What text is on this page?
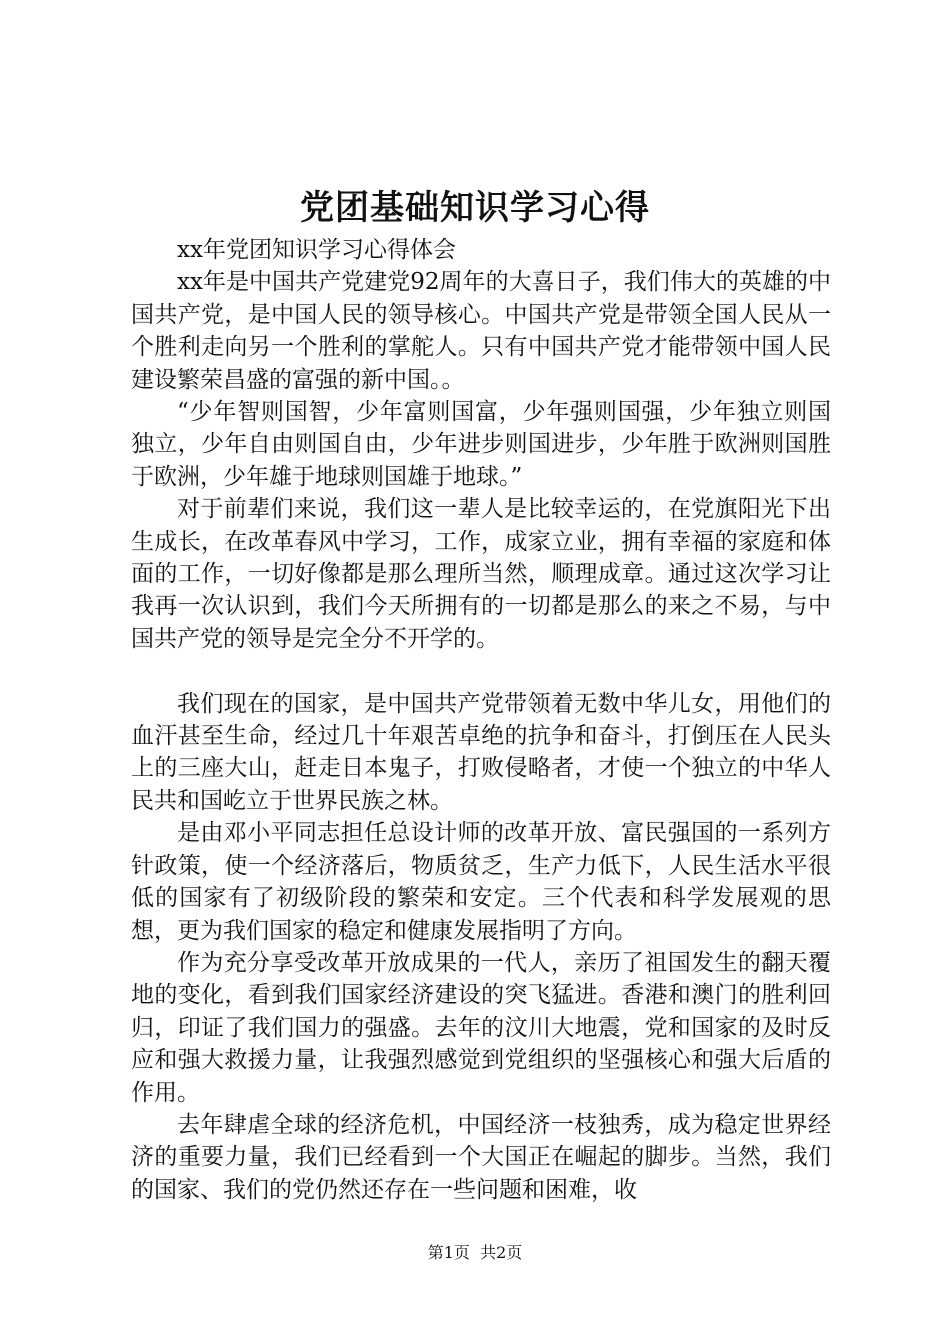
党团基础知识学习心得

xx年党团知识学习心得体会

xx年是中国共产党建党92周年的大喜日子，我们伟大的英雄的中国共产党，是中国人民的领导核心。中国共产党是带领全国人民从一个胜利走向另一个胜利的掌舵人。只有中国共产党才能带领中国人民建设繁荣昌盛的富强的新中国。。

“少年智则国智，少年富则国富，少年强则国强，少年独立则国独立，少年自由则国自由，少年进步则国进步，少年胜于欧洲则国胜于欧洲，少年雄于地球则国雄于地球。”

对于前辈们来说，我们这一辈人是比较幸运的，在党旗阳光下出生成长，在改革春风中学习，工作，成家立业，拥有幸福的家庭和体面的工作，一切好像都是那么理所当然，顺理成章。通过这次学习让我再一次认识到，我们今天所拥有的一切都是那么的来之不易，与中国共产党的领导是完全分不开学的。

我们现在的国家，是中国共产党带领着无数中华儿女，用他们的血汗甚至生命，经过几十年艰苦卓绝的抗争和奋斗，打倒压在人民头上的三座大山，赶走日本鬼子，打败侵略者，才使一个独立的中华人民共和国屹立于世界民族之林。

是由邓小平同志担任总设计师的改革开放、富民强国的一系列方针政策，使一个经济落后，物质贫乏，生产力低下，人民生活水平很低的国家有了初级阶段的繁荣和安定。三个代表和科学发展观的思想，更为我们国家的稳定和健康发展指明了方向。

作为充分享受改革开放成果的一代人，亲历了祖国发生的翻天覆地的变化，看到我们国家经济建设的突飞猛进。香港和澳门的胜利回归，印证了我们国力的强盛。去年的汶川大地震，党和国家的及时反应和强大救援力量，让我强烈感觉到党组织的坚强核心和强大后盾的作用。

去年肆虐全球的经济危机，中国经济一枝独秀，成为稳定世界经济的重要力量，我们已经看到一个大国正在崛起的脚步。当然，我们的国家、我们的党仍然还存在一些问题和困难，收

第1页 共2页
